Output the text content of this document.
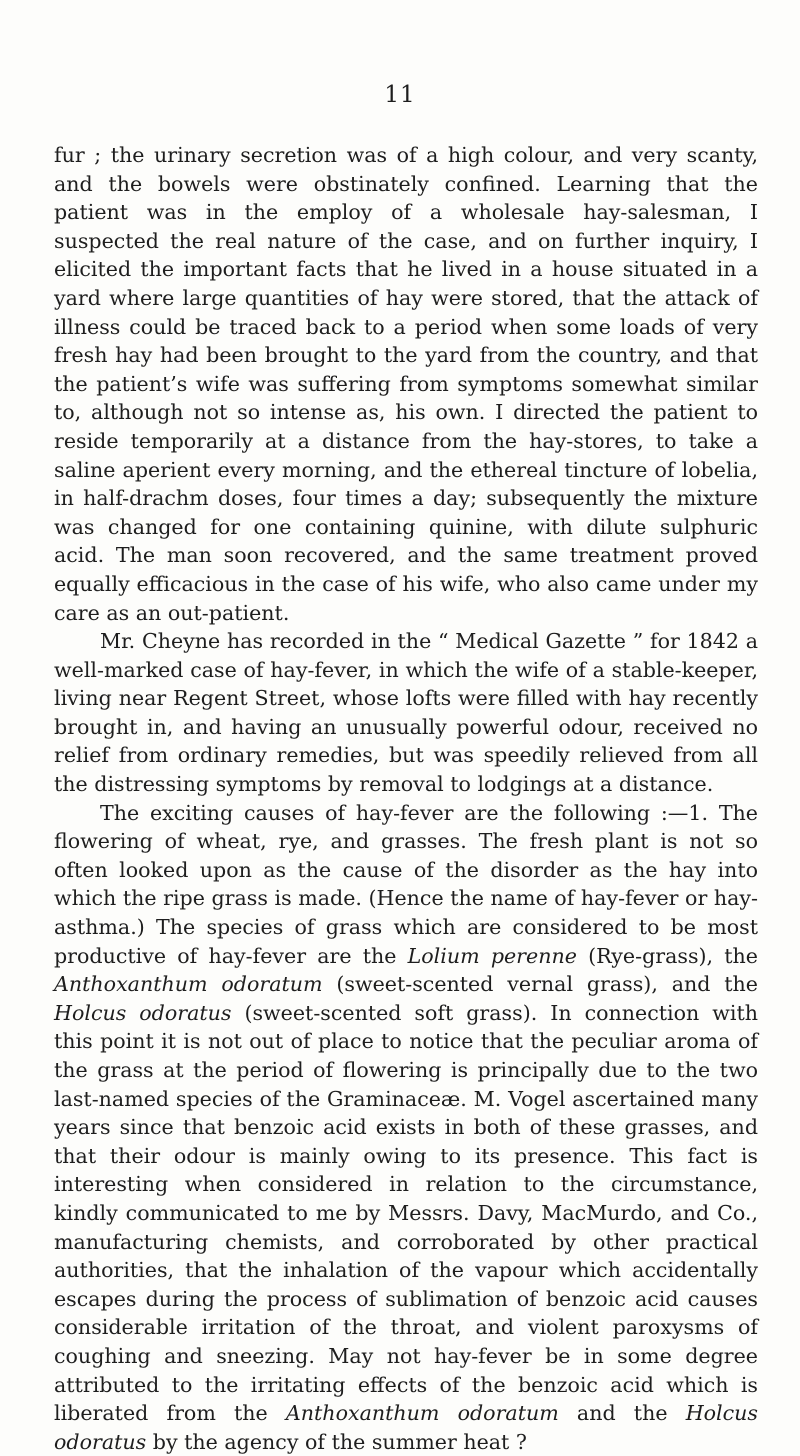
11

fur ; the urinary secretion was of a high colour, and very scanty, and the bowels were obstinately confined. Learning that the patient was in the employ of a wholesale hay-salesman, I suspected the real nature of the case, and on further inquiry, I elicited the important facts that he lived in a house situated in a yard where large quantities of hay were stored, that the attack of illness could be traced back to a period when some loads of very fresh hay had been brought to the yard from the country, and that the patient’s wife was suffering from symptoms somewhat similar to, although not so intense as, his own. I directed the patient to reside temporarily at a distance from the hay-stores, to take a saline aperient every morning, and the ethereal tincture of lobelia, in half-drachm doses, four times a day; subsequently the mixture was changed for one containing quinine, with dilute sulphuric acid. The man soon recovered, and the same treatment proved equally efficacious in the case of his wife, who also came under my care as an out-patient.

Mr. Cheyne has recorded in the “ Medical Gazette ” for 1842 a well-marked case of hay-fever, in which the wife of a stable-keeper, living near Regent Street, whose lofts were filled with hay recently brought in, and having an unusually powerful odour, received no relief from ordinary remedies, but was speedily relieved from all the distressing symptoms by removal to lodgings at a distance.

The exciting causes of hay-fever are the following :—1. The flowering of wheat, rye, and grasses. The fresh plant is not so often looked upon as the cause of the disorder as the hay into which the ripe grass is made. (Hence the name of hay-fever or hay-asthma.) The species of grass which are considered to be most productive of hay-fever are the Lolium perenne (Rye-grass), the Anthoxanthum odoratum (sweet-scented vernal grass), and the Holcus odoratus (sweet-scented soft grass). In connection with this point it is not out of place to notice that the peculiar aroma of the grass at the period of flowering is principally due to the two last-named species of the Graminaceæ. M. Vogel ascertained many years since that benzoic acid exists in both of these grasses, and that their odour is mainly owing to its presence. This fact is interesting when considered in relation to the circumstance, kindly communicated to me by Messrs. Davy, MacMurdo, and Co., manufacturing chemists, and corroborated by other practical authorities, that the inhalation of the vapour which accidentally escapes during the process of sublimation of benzoic acid causes considerable irritation of the throat, and violent paroxysms of coughing and sneezing. May not hay-fever be in some degree attributed to the irritating effects of the benzoic acid which is liberated from the Anthoxanthum odoratum and the Holcus odoratus by the agency of the summer heat ?
